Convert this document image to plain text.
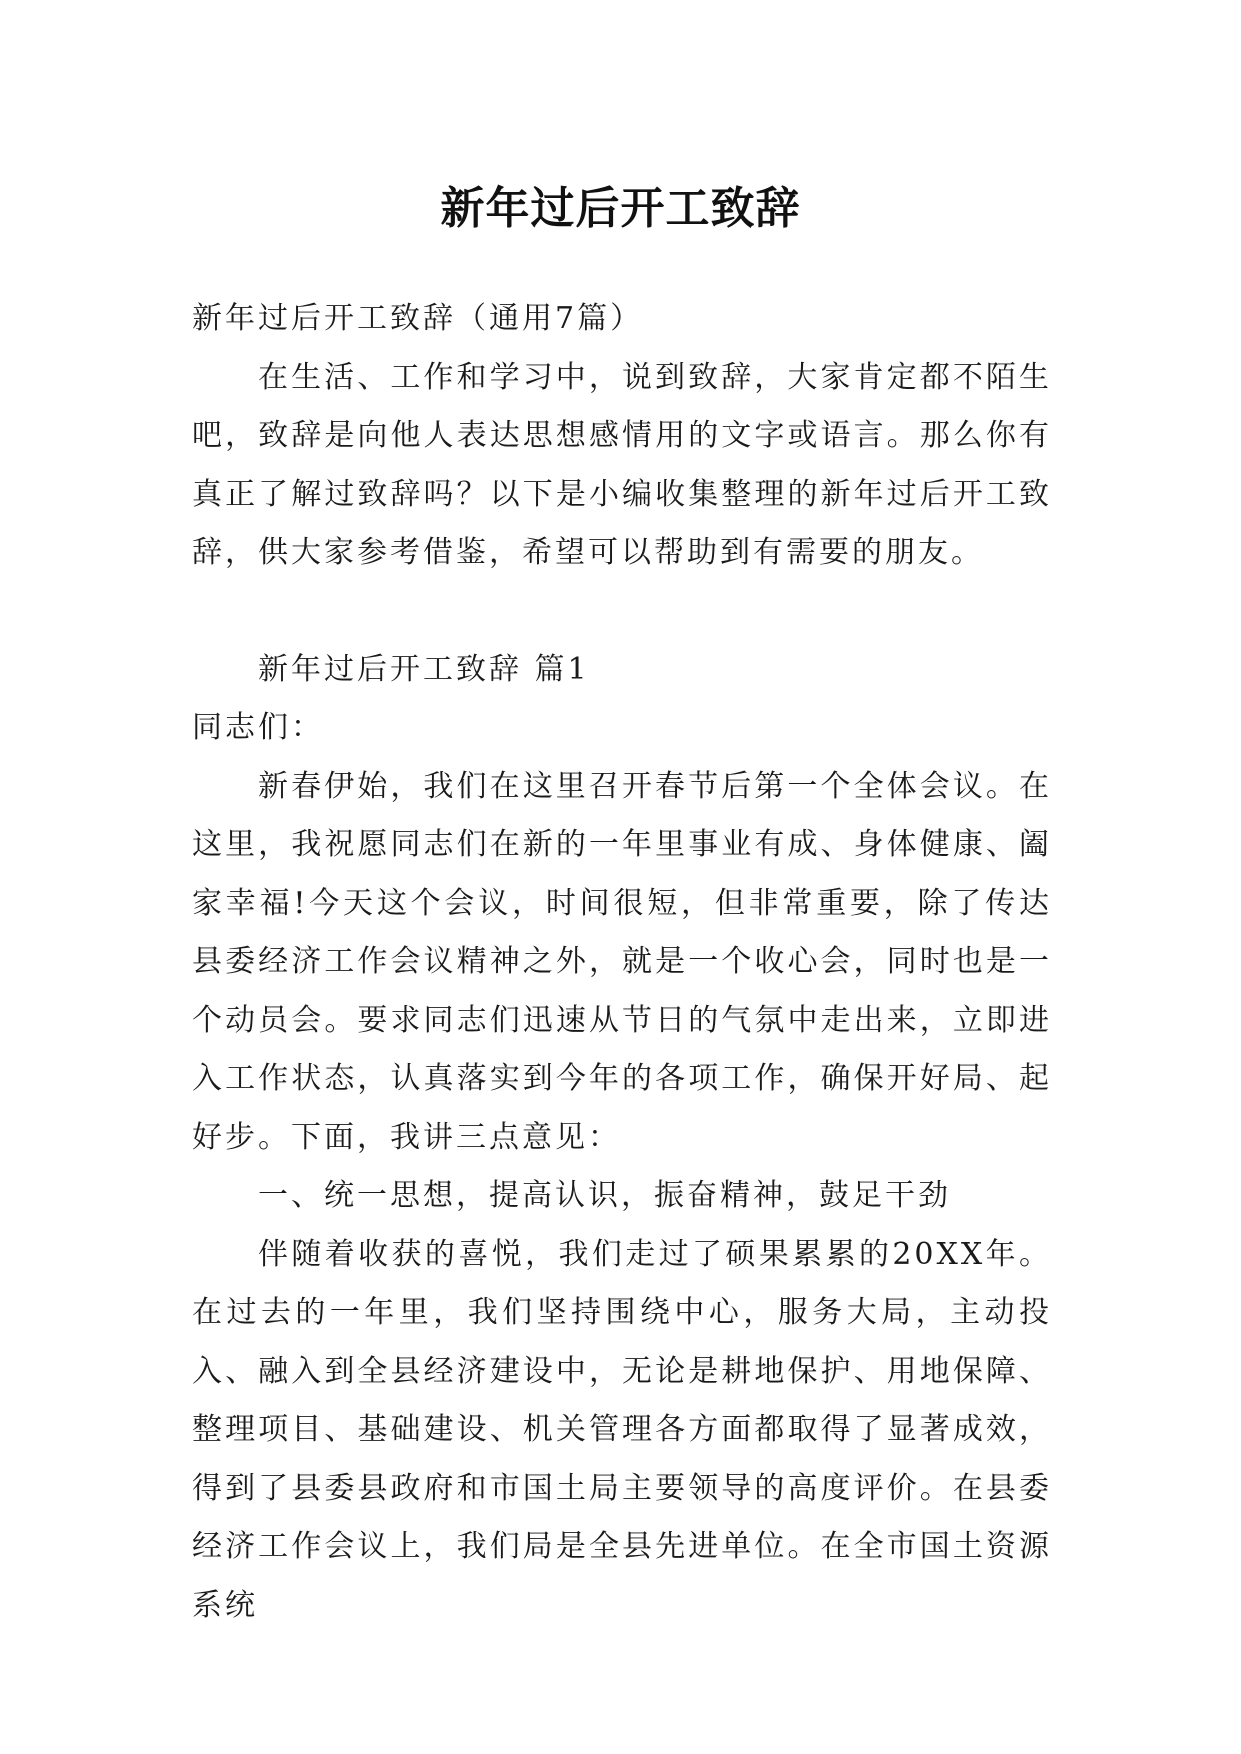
新年过后开工致辞

新年过后开工致辞（通用7篇）

在生活、工作和学习中，说到致辞，大家肯定都不陌生吧，致辞是向他人表达思想感情用的文字或语言。那么你有真正了解过致辞吗？以下是小编收集整理的新年过后开工致辞，供大家参考借鉴，希望可以帮助到有需要的朋友。

新年过后开工致辞 篇1

同志们：

新春伊始，我们在这里召开春节后第一个全体会议。在这里，我祝愿同志们在新的一年里事业有成、身体健康、阖家幸福!今天这个会议，时间很短，但非常重要，除了传达县委经济工作会议精神之外，就是一个收心会，同时也是一个动员会。要求同志们迅速从节日的气氛中走出来，立即进入工作状态，认真落实到今年的各项工作，确保开好局、起好步。下面，我讲三点意见：

一、统一思想，提高认识，振奋精神，鼓足干劲

伴随着收获的喜悦，我们走过了硕果累累的20XX年。在过去的一年里，我们坚持围绕中心，服务大局，主动投入、融入到全县经济建设中，无论是耕地保护、用地保障、整理项目、基础建设、机关管理各方面都取得了显著成效，得到了县委县政府和市国土局主要领导的高度评价。在县委经济工作会议上，我们局是全县先进单位。在全市国土资源系统
